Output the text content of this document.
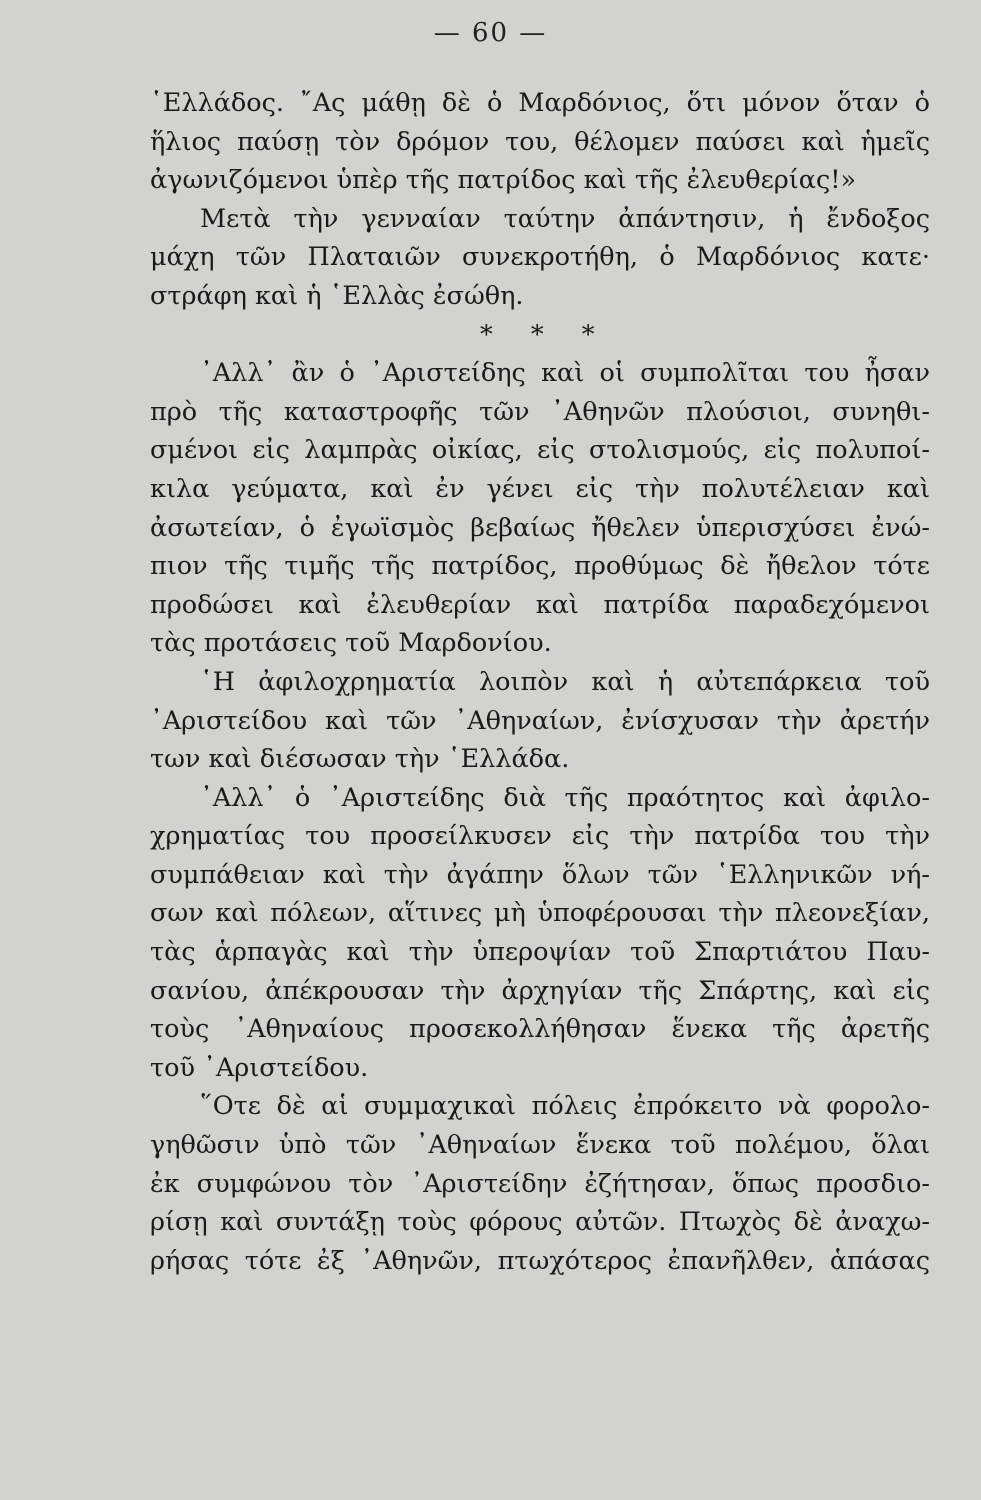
— 60 —
῾Ελλάδος. ῎Ας μάθῃ δὲ ὁ Μαρδόνιος, ὅτι μόνον ὅταν ὁ
ἥλιος παύσῃ τὸν δρόμον του, θέλομεν παύσει καὶ ἡμεῖς
ἀγωνιζόμενοι ὑπὲρ τῆς πατρίδος καὶ τῆς ἐλευθερίας!»
Μετὰ τὴν γενναίαν ταύτην ἀπάντησιν, ἡ ἔνδοξος
μάχη τῶν Πλαταιῶν συνεκροτήθη, ὁ Μαρδόνιος κατε·
στράφη καὶ ἡ ῾Ελλὰς ἐσώθη.
* * *
᾿Αλλ᾿ ἂν ὁ ᾿Αριστείδης καὶ οἱ συμπολῖται του ἦσαν
πρὸ τῆς καταστροφῆς τῶν ᾿Αθηνῶν πλούσιοι, συνηθι-
σμένοι εἰς λαμπρὰς οἰκίας, εἰς στολισμούς, εἰς πολυποί-
κιλα γεύματα, καὶ ἐν γένει εἰς τὴν πολυτέλειαν καὶ
ἀσωτείαν, ὁ ἐγωϊσμὸς βεβαίως ἤθελεν ὑπερισχύσει ἐνώ-
πιον τῆς τιμῆς τῆς πατρίδος, προθύμως δὲ ἤθελον τότε
προδώσει καὶ ἐλευθερίαν καὶ πατρίδα παραδεχόμενοι
τὰς προτάσεις τοῦ Μαρδονίου.
῾Η ἀφιλοχρηματία λοιπὸν καὶ ἡ αὐτεπάρκεια τοῦ
᾿Αριστείδου καὶ τῶν ᾿Αθηναίων, ἐνίσχυσαν τὴν ἀρετήν
των καὶ διέσωσαν τὴν ῾Ελλάδα.
᾿Αλλ᾿ ὁ ᾿Αριστείδης διὰ τῆς πραότητος καὶ ἀφιλο-
χρηματίας του προσείλκυσεν εἰς τὴν πατρίδα του τὴν
συμπάθειαν καὶ τὴν ἀγάπην ὅλων τῶν ῾Ελληνικῶν νή-
σων καὶ πόλεων, αἵτινες μὴ ὑποφέρουσαι τὴν πλεονεξίαν,
τὰς ἁρπαγὰς καὶ τὴν ὑπεροψίαν τοῦ Σπαρτιάτου Παυ-
σανίου, ἀπέκρουσαν τὴν ἀρχηγίαν τῆς Σπάρτης, καὶ εἰς
τοὺς ᾿Αθηναίους προσεκολλήθησαν ἕνεκα τῆς ἀρετῆς
τοῦ ᾿Αριστείδου.
῞Οτε δὲ αἱ συμμαχικαὶ πόλεις ἐπρόκειτο νὰ φορολο-
γηθῶσιν ὑπὸ τῶν ᾿Αθηναίων ἕνεκα τοῦ πολέμου, ὅλαι
ἐκ συμφώνου τὸν ᾿Αριστείδην ἐζήτησαν, ὅπως προσδιο-
ρίσῃ καὶ συντάξῃ τοὺς φόρους αὐτῶν. Πτωχὸς δὲ ἀναχω-
ρήσας τότε ἐξ ᾿Αθηνῶν, πτωχότερος ἐπανῆλθεν, ἁπάσας
